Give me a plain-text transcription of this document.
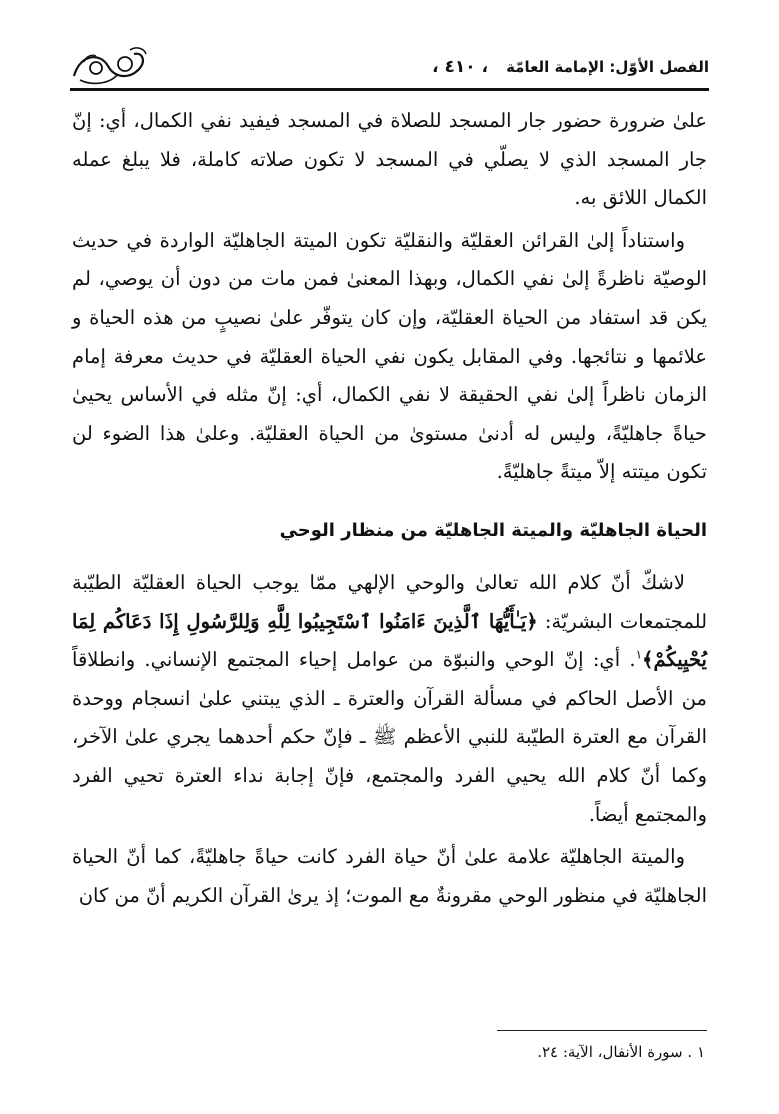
الفصل الأوّل: الإمامة العامّة
، ٤١٠ ،

علىٰ ضرورة حضور جار المسجد للصلاة في المسجد فيفيد نفي الكمال، أي: إنّ جار المسجد الذي لا يصلّي في المسجد لا تكون صلاته كاملة، فلا يبلغ عمله الكمال اللائق به.

واستناداً إلىٰ القرائن العقليّة والنقليّة تكون الميتة الجاهليّة الواردة في حديث الوصيّة ناظرةً إلىٰ نفي الكمال، وبهذا المعنىٰ فمن مات من دون أن يوصي، لم يكن قد استفاد من الحياة العقليّة، وإن كان يتوفّر علىٰ نصيبٍ من هذه الحياة و علائمها و نتائجها. وفي المقابل يكون نفي الحياة العقليّة في حديث معرفة إمام الزمان ناظراً إلىٰ نفي الحقيقة لا نفي الكمال، أي: إنّ مثله في الأساس يحيىٰ حياةً جاهليّةً، وليس له أدنىٰ مستوىٰ من الحياة العقليّة. وعلىٰ هذا الضوء لن تكون ميتته إلاّ ميتةً جاهليّةً.

الحياة الجاهليّة والميتة الجاهليّة من منظار الوحي

لاشكّ أنّ كلام الله تعالىٰ والوحي الإلهي ممّا يوجب الحياة العقليّة الطيّبة للمجتمعات البشريّة: ﴿يَـٰأَيُّهَا ٱلَّذِينَ ءَامَنُوا ٱسْتَجِيبُوا لِلَّهِ وَلِلرَّسُولِ إِذَا دَعَاكُم لِمَا يُحْيِيكُمْ﴾$^١$. أي: إنّ الوحي والنبوّة من عوامل إحياء المجتمع الإنساني. وانطلاقاً من الأصل الحاكم في مسألة القرآن والعترة ـ الذي يبتني علىٰ انسجام ووحدة القرآن مع العترة الطيّبة للنبي الأعظم ﷺ ـ فإنّ حكم أحدهما يجري علىٰ الآخر، وكما أنّ كلام الله يحيي الفرد والمجتمع، فإنّ إجابة نداء العترة تحيي الفرد والمجتمع أيضاً.

والميتة الجاهليّة علامة علىٰ أنّ حياة الفرد كانت حياةً جاهليّةً، كما أنّ الحياة الجاهليّة في منظور الوحي مقرونةٌ مع الموت؛ إذ يرىٰ القرآن الكريم أنّ من كان

١ . سورة الأنفال، الآية: ٢٤.
